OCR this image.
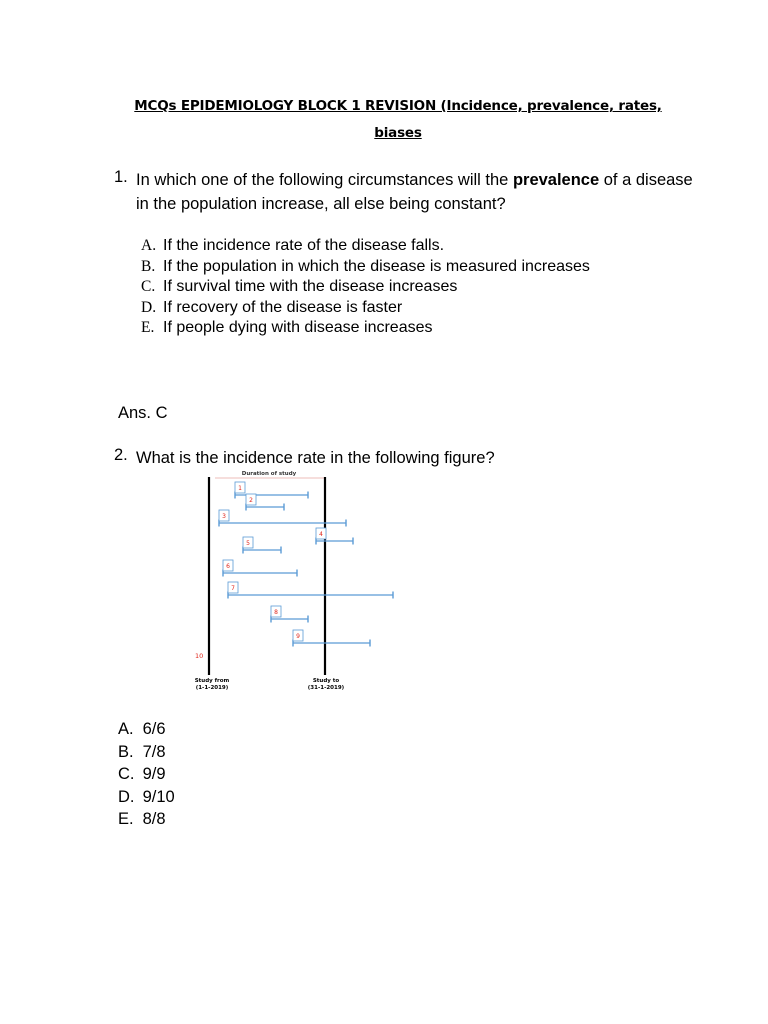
MCQs EPIDEMIOLOGY BLOCK 1 REVISION (Incidence, prevalence, rates,
biases
1. In which one of the following circumstances will the prevalence of a disease in the population increase, all else being constant?
A. If the incidence rate of the disease falls.
B. If the population in which the disease is measured increases
C. If survival time with the disease increases
D. If recovery of the disease is faster
E. If people dying with disease increases
Ans. C
2. What is the incidence rate in the following figure?
Duration of study
1
2
3
4
5
6
7
8
9
10
Study from
(1-1-2019)
Study to
(31-1-2019)
A. 6/6
B. 7/8
C. 9/9
D. 9/10
E. 8/8
